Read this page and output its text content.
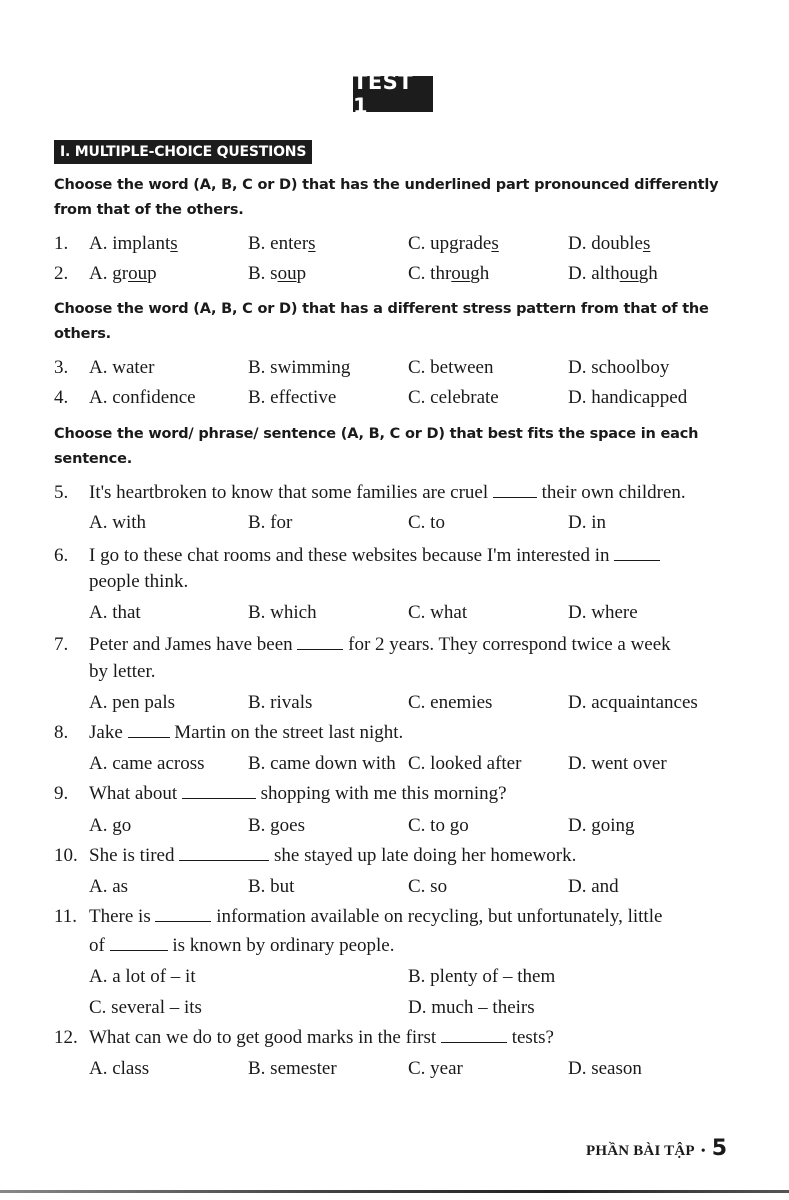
TEST 1
I. MULTIPLE-CHOICE QUESTIONS
Choose the word (A, B, C or D) that has the underlined part pronounced differently from that of the others.
1. A. implants	B. enters	C. upgrades	D. doubles
2. A. group	B. soup	C. through	D. although
Choose the word (A, B, C or D) that has a different stress pattern from that of the others.
3. A. water	B. swimming	C. between	D. schoolboy
4. A. confidence	B. effective	C. celebrate	D. handicapped
Choose the word/ phrase/ sentence (A, B, C or D) that best fits the space in each sentence.
5. It's heartbroken to know that some families are cruel	their own children.
A. with	B. for	C. to	D. in
6. I go to these chat rooms and these websites because I'm interested in
people think.
A. that	B. which	C. what	D. where
7. Peter and James have been	for 2 years. They correspond twice a week
by letter.
A. pen pals	B. rivals	C. enemies	D. acquaintances
8. Jake	Martin on the street last night.
A. came across B. came down with C. looked after D. went over
9. What about	shopping with me this morning?
A. go	B. goes	C. to go	D. going
10. She is tired	she stayed up late doing her homework.
A. as	B. but	C. so	D. and
11. There is	information available on recycling, but unfortunately, little
of	is known by ordinary people.
A. a lot of – it	B. plenty of – them
C. several – its	D. much – theirs
12. What can we do to get good marks in the first	tests?
A. class	B. semester	C. year	D. season
PHẦN BÀI TẬP • 5
